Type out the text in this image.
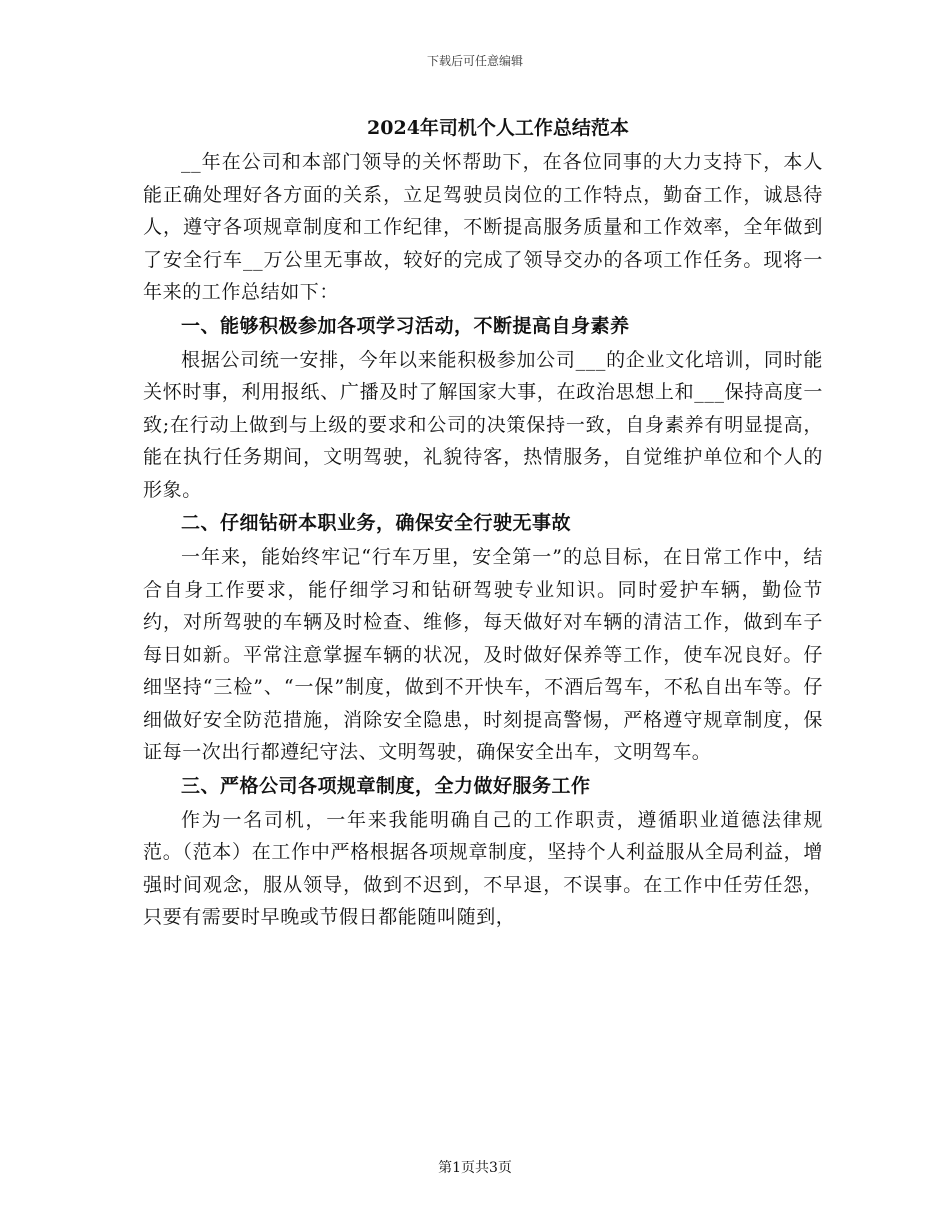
下载后可任意编辑
2024年司机个人工作总结范本

__年在公司和本部门领导的关怀帮助下，在各位同事的大力支持下，本人能正确处理好各方面的关系，立足驾驶员岗位的工作特点，勤奋工作，诚恳待人，遵守各项规章制度和工作纪律，不断提高服务质量和工作效率，全年做到了安全行车__万公里无事故，较好的完成了领导交办的各项工作任务。现将一年来的工作总结如下：

一、能够积极参加各项学习活动，不断提高自身素养

根据公司统一安排，今年以来能积极参加公司___的企业文化培训，同时能关怀时事，利用报纸、广播及时了解国家大事，在政治思想上和___保持高度一致;在行动上做到与上级的要求和公司的决策保持一致，自身素养有明显提高，能在执行任务期间，文明驾驶，礼貌待客，热情服务，自觉维护单位和个人的形象。

二、仔细钻研本职业务，确保安全行驶无事故

一年来，能始终牢记“行车万里，安全第一”的总目标，在日常工作中，结合自身工作要求，能仔细学习和钻研驾驶专业知识。同时爱护车辆，勤俭节约，对所驾驶的车辆及时检查、维修，每天做好对车辆的清洁工作，做到车子每日如新。平常注意掌握车辆的状况，及时做好保养等工作，使车况良好。仔细坚持“三检”、“一保”制度，做到不开快车，不酒后驾车，不私自出车等。仔细做好安全防范措施，消除安全隐患，时刻提高警惕，严格遵守规章制度，保证每一次出行都遵纪守法、文明驾驶，确保安全出车，文明驾车。

三、严格公司各项规章制度，全力做好服务工作

作为一名司机，一年来我能明确自己的工作职责，遵循职业道德法律规范。（范本）在工作中严格根据各项规章制度，坚持个人利益服从全局利益，增强时间观念，服从领导，做到不迟到，不早退，不误事。在工作中任劳任怨，只要有需要时早晚或节假日都能随叫随到，

第1页共3页
